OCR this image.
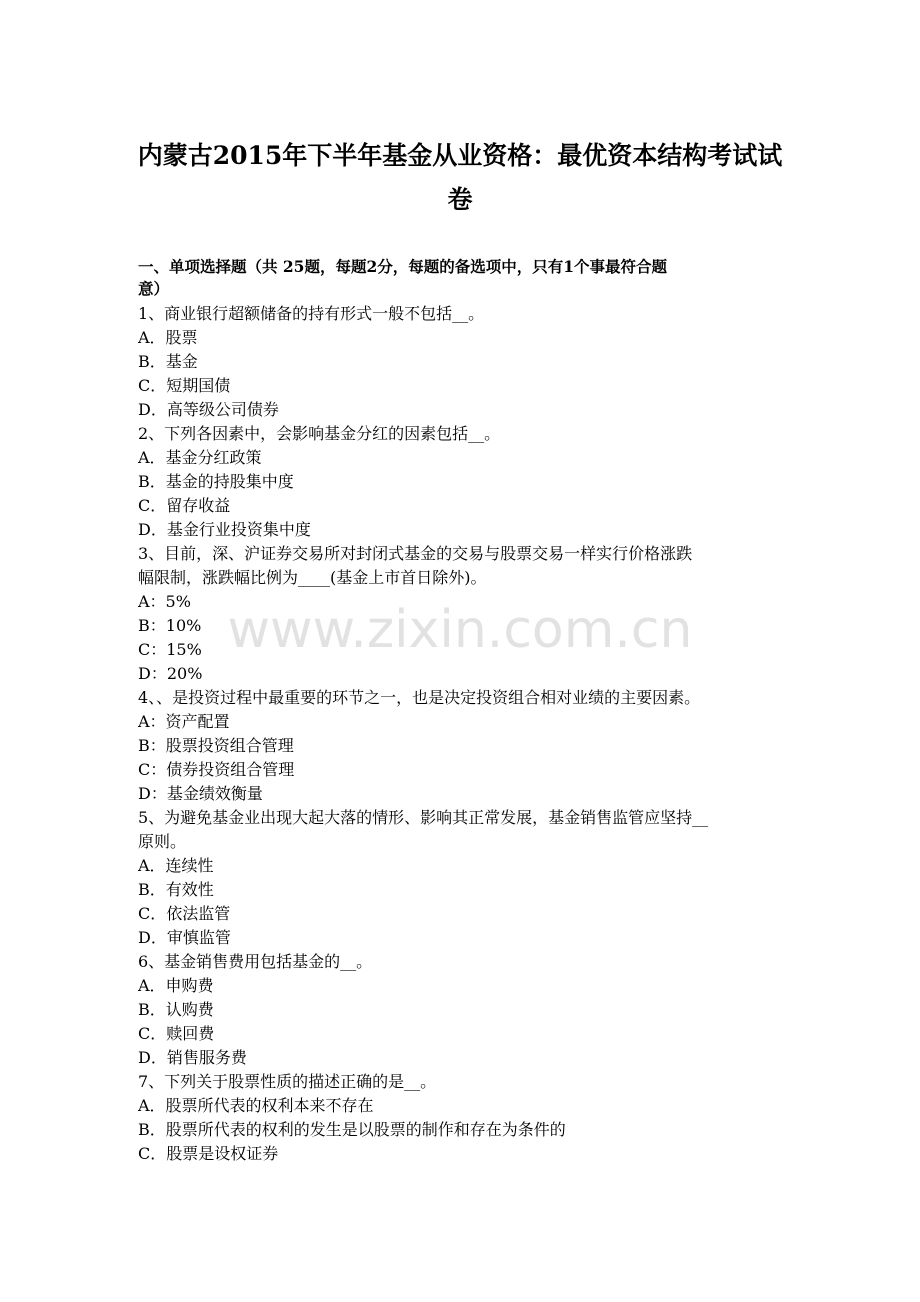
www.zixin.com.cn
内蒙古2015年下半年基金从业资格：最优资本结构考试试
卷
一、单项选择题（共 25题，每题2分，每题的备选项中，只有1个事最符合题
意）
1、商业银行超额储备的持有形式一般不包括__。
A．股票
B．基金
C．短期国债
D．高等级公司债券
2、下列各因素中，会影响基金分红的因素包括__。
A．基金分红政策
B．基金的持股集中度
C．留存收益
D．基金行业投资集中度
3、目前，深、沪证券交易所对封闭式基金的交易与股票交易一样实行价格涨跌
幅限制，涨跌幅比例为____(基金上市首日除外)。
A：5%
B：10%
C：15%
D：20%
4、、是投资过程中最重要的环节之一，也是决定投资组合相对业绩的主要因素。
A：资产配置
B：股票投资组合管理
C：债券投资组合管理
D：基金绩效衡量
5、为避免基金业出现大起大落的情形、影响其正常发展，基金销售监管应坚持__
原则。
A．连续性
B．有效性
C．依法监管
D．审慎监管
6、基金销售费用包括基金的__。
A．申购费
B．认购费
C．赎回费
D．销售服务费
7、下列关于股票性质的描述正确的是__。
A．股票所代表的权利本来不存在
B．股票所代表的权利的发生是以股票的制作和存在为条件的
C．股票是设权证券
